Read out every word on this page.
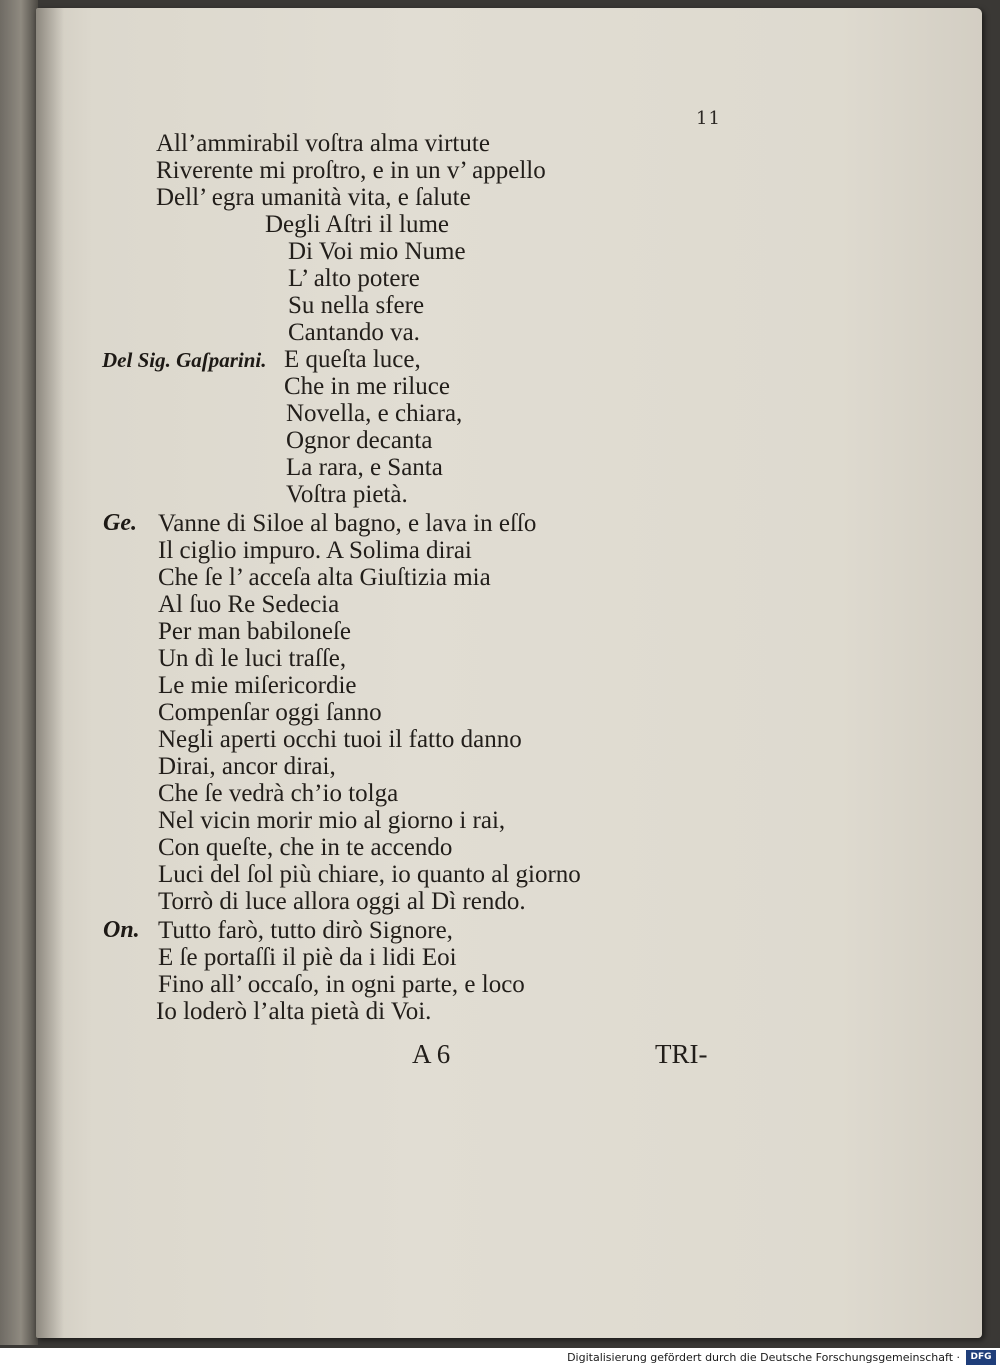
11
All’ammirabil voſtra alma virtute
Riverente mi proſtro, e in un v’ appello
Dell’ egra umanità vita, e ſalute
Degli Aſtri il lume
Di Voi mio Nume
L’ alto potere
Su nella sfere
Cantando va.
Del Sig. Gaſparini. E queſta luce,
Che in me riluce
Novella, e chiara,
Ognor decanta
La rara, e Santa
Voſtra pietà.
Ge. Vanne di Siloe al bagno, e lava in eſſo
Il ciglio impuro. A Solima dirai
Che ſe l’ acceſa alta Giuſtizia mia
Al ſuo Re Sedecia
Per man babiloneſe
Un dì le luci traſſe,
Le mie miſericordie
Compenſar oggi ſanno
Negli aperti occhi tuoi il fatto danno
Dirai, ancor dirai,
Che ſe vedrà ch’io tolga
Nel vicin morir mio al giorno i rai,
Con queſte, che in te accendo
Luci del ſol più chiare, io quanto al giorno
Torrò di luce allora oggi al Dì rendo.
On. Tutto farò, tutto dirò Signore,
E ſe portaſſi il piè da i lidi Eoi
Fino all’ occaſo, in ogni parte, e loco
Io loderò l’alta pietà di Voi.
A 6	TRI-
Digitalisierung gefördert durch die Deutsche Forschungsgemeinschaft ·	DFG
